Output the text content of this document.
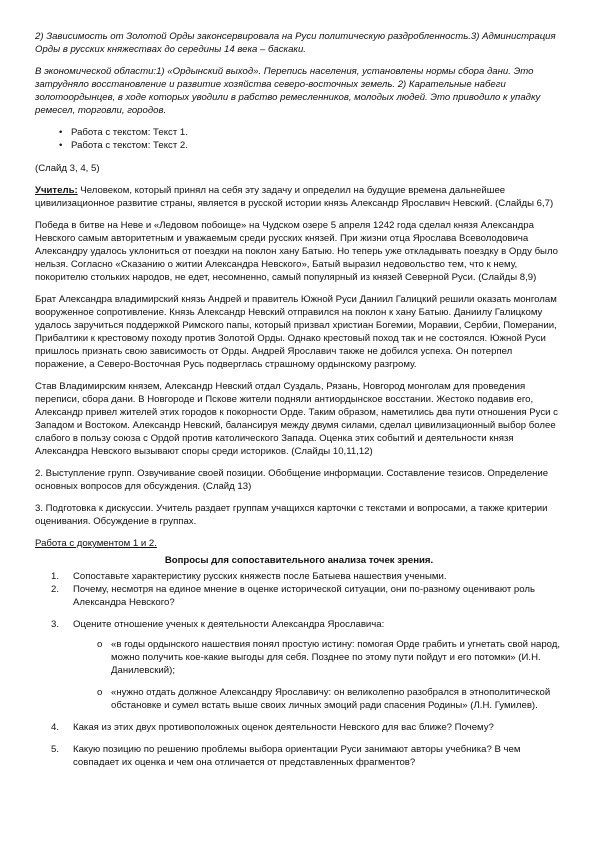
2) Зависимость от Золотой Орды законсервировала на Руси политическую раздробленность.3) Администрация Орды в русских княжествах до середины 14 века – баскаки.

В экономической области:1) «Ордынский выход». Перепись населения, установлены нормы сбора дани. Это затрудняло восстановление и развитие хозяйства северо-восточных земель. 2) Карательные набеги золотоордынцев, в ходе которых уводили в рабство ремесленников, молодых людей. Это приводило к упадку ремесел, торговли, городов.

• Работа с текстом: Текст 1.
• Работа с текстом: Текст 2.

(Слайд 3, 4, 5)

Учитель: Человеком, который принял на себя эту задачу и определил на будущие времена дальнейшее цивилизационное развитие страны, является в русской истории князь Александр Ярославич Невский. (Слайды 6,7)

Победа в битве на Неве и «Ледовом побоище» на Чудском озере 5 апреля 1242 года сделал князя Александра Невского самым авторитетным и уважаемым среди русских князей. При жизни отца Ярослава Всеволодовича Александру удалось уклониться от поездки на поклон хану Батыю. Но теперь уже откладывать поездку в Орду было нельзя. Согласно «Сказанию о житии Александра Невского», Батый выразил недовольство тем, что к нему, покорителю стольких народов, не едет, несомненно, самый популярный из князей Северной Руси. (Слайды 8,9)

Брат Александра владимирский князь Андрей и правитель Южной Руси Даниил Галицкий решили оказать монголам вооруженное сопротивление. Князь Александр Невский отправился на поклон к хану Батыю. Даниилу Галицкому удалось заручиться поддержкой Римского папы, который призвал христиан Богемии, Моравии, Сербии, Померании, Прибалтики к крестовому походу против Золотой Орды. Однако крестовый поход так и не состоялся. Южной Руси пришлось признать свою зависимость от Орды. Андрей Ярославич также не добился успеха. Он потерпел поражение, а Северо-Восточная Русь подверглась страшному ордынскому разгрому.

Став Владимирским князем, Александр Невский отдал Суздаль, Рязань, Новгород монголам для проведения переписи, сбора дани. В Новгороде и Пскове жители подняли антиордынское восстании. Жестоко подавив его, Александр привел жителей этих городов к покорности Орде. Таким образом, наметились два пути отношения Руси с Западом и Востоком. Александр Невский, балансируя между двумя силами, сделал цивилизационный выбор более слабого в пользу союза с Ордой против католического Запада. Оценка этих событий и деятельности князя Александра Невского вызывают споры среди историков. (Слайды 10,11,12)

2. Выступление групп. Озвучивание своей позиции. Обобщение информации. Составление тезисов. Определение основных вопросов для обсуждения. (Слайд 13)

3. Подготовка к дискуссии. Учитель раздает группам учащихся карточки с текстами и вопросами, а также критерии оценивания. Обсуждение в группах.

Работа с документом 1 и 2.

Вопросы для сопоставительного анализа точек зрения.
1. Сопоставьте характеристику русских княжеств после Батыева нашествия учеными.
2. Почему, несмотря на единое мнение в оценке исторической ситуации, они по-разному оценивают роль Александра Невского?
3. Оцените отношение ученых к деятельности Александра Ярославича:
o «в годы ордынского нашествия понял простую истину: помогая Орде грабить и угнетать свой народ, можно получить кое-какие выгоды для себя. Позднее по этому пути пойдут и его потомки» (И.Н. Данилевский);
o «нужно отдать должное Александру Ярославичу: он великолепно разобрался в этнополитической обстановке и сумел встать выше своих личных эмоций ради спасения Родины» (Л.Н. Гумилев).
4. Какая из этих двух противоположных оценок деятельности Невского для вас ближе? Почему?
5. Какую позицию по решению проблемы выбора ориентации Руси занимают авторы учебника? В чем совпадает их оценка и чем она отличается от представленных фрагментов?
